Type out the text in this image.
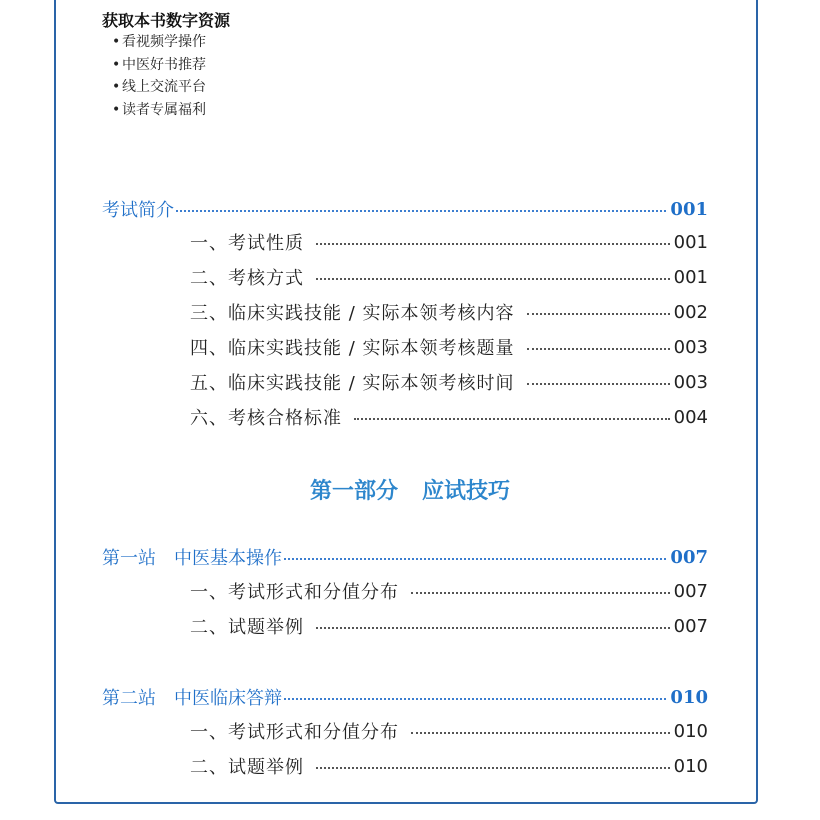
获取本书数字资源
• 看视频学操作
• 中医好书推荐
• 线上交流平台
• 读者专属福利
考试简介	001
一、考试性质	001
二、考核方式	001
三、临床实践技能 / 实际本领考核内容	002
四、临床实践技能 / 实际本领考核题量	003
五、临床实践技能 / 实际本领考核时间	003
六、考核合格标准	004
第一部分 应试技巧
第一站　中医基本操作	007
一、考试形式和分值分布	007
二、试题举例	007
第二站　中医临床答辩	010
一、考试形式和分值分布	010
二、试题举例	010
